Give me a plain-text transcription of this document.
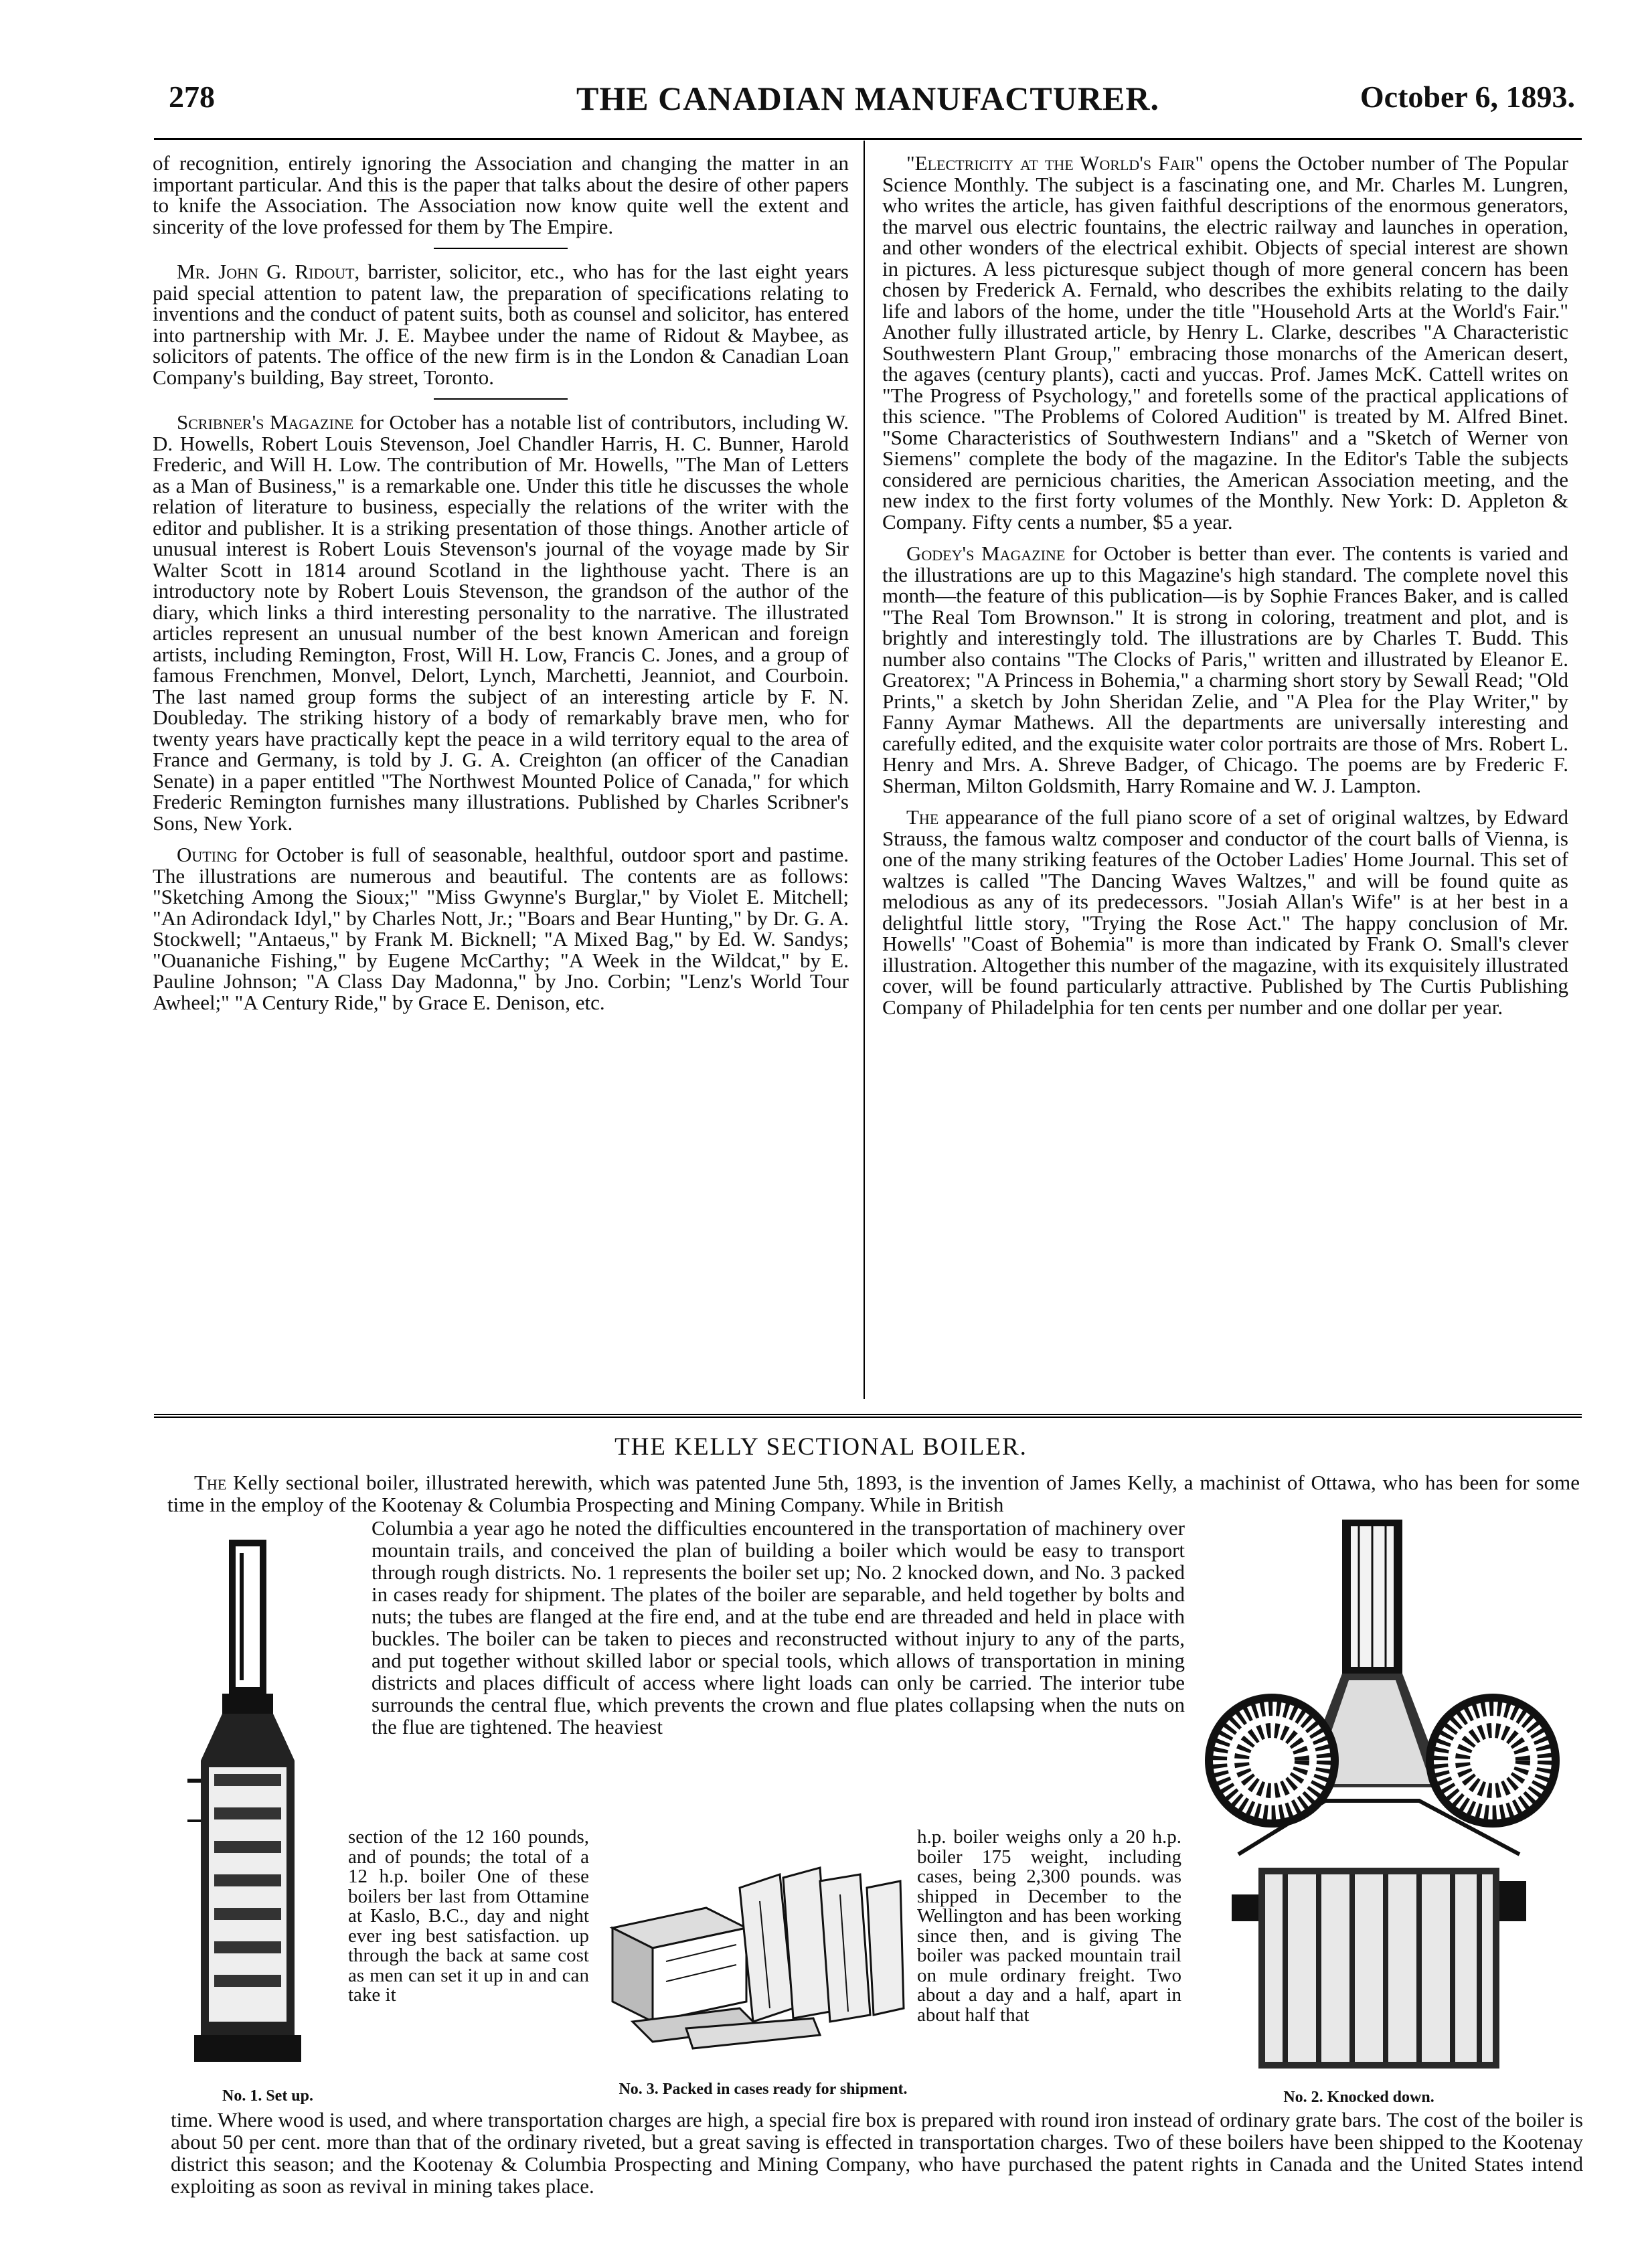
278	THE CANADIAN MANUFACTURER.	October 6, 1893.

of recognition, entirely ignoring the Association and changing the matter in an important particular. And this is the paper that talks about the desire of other papers to knife the Association. The Association now know quite well the extent and sincerity of the love professed for them by The Empire.

Mr. John G. Ridout, barrister, solicitor, etc., who has for the last eight years paid special attention to patent law, the preparation of specifications relating to inventions and the conduct of patent suits, both as counsel and solicitor, has entered into partnership with Mr. J. E. Maybee under the name of Ridout & Maybee, as solicitors of patents. The office of the new firm is in the London & Canadian Loan Company's building, Bay street, Toronto.

Scribner's Magazine for October has a notable list of contributors, including W. D. Howells, Robert Louis Stevenson, Joel Chandler Harris, H. C. Bunner, Harold Frederic, and Will H. Low. The contribution of Mr. Howells, "The Man of Letters as a Man of Business," is a remarkable one. Under this title he discusses the whole relation of literature to business, especially the relations of the writer with the editor and publisher. It is a striking presentation of those things. Another article of unusual interest is Robert Louis Stevenson's journal of the voyage made by Sir Walter Scott in 1814 around Scotland in the lighthouse yacht. There is an introductory note by Robert Louis Stevenson, the grandson of the author of the diary, which links a third interesting personality to the narrative. The illustrated articles represent an unusual number of the best known American and foreign artists, including Remington, Frost, Will H. Low, Francis C. Jones, and a group of famous Frenchmen, Monvel, Delort, Lynch, Marchetti, Jeanniot, and Courboin. The last named group forms the subject of an interesting article by F. N. Doubleday. The striking history of a body of remarkably brave men, who for twenty years have practically kept the peace in a wild territory equal to the area of France and Germany, is told by J. G. A. Creighton (an officer of the Canadian Senate) in a paper entitled "The Northwest Mounted Police of Canada," for which Frederic Remington furnishes many illustrations. Published by Charles Scribner's Sons, New York.

Outing for October is full of seasonable, healthful, outdoor sport and pastime. The illustrations are numerous and beautiful. The contents are as follows: "Sketching Among the Sioux;" "Miss Gwynne's Burglar," by Violet E. Mitchell; "An Adirondack Idyl," by Charles Nott, Jr.; "Boars and Bear Hunting," by Dr. G. A. Stockwell; "Antaeus," by Frank M. Bicknell; "A Mixed Bag," by Ed. W. Sandys; "Ouananiche Fishing," by Eugene McCarthy; "A Week in the Wildcat," by E. Pauline Johnson; "A Class Day Madonna," by Jno. Corbin; "Lenz's World Tour Awheel;" "A Century Ride," by Grace E. Denison, etc.

"Electricity at the World's Fair" opens the October number of The Popular Science Monthly. The subject is a fascinating one, and Mr. Charles M. Lungren, who writes the article, has given faithful descriptions of the enormous generators, the marvel ous electric fountains, the electric railway and launches in operation, and other wonders of the electrical exhibit. Objects of special interest are shown in pictures. A less picturesque subject though of more general concern has been chosen by Frederick A. Fernald, who describes the exhibits relating to the daily life and labors of the home, under the title "Household Arts at the World's Fair." Another fully illustrated article, by Henry L. Clarke, describes "A Characteristic Southwestern Plant Group," embracing those monarchs of the American desert, the agaves (century plants), cacti and yuccas. Prof. James McK. Cattell writes on "The Progress of Psychology," and foretells some of the practical applications of this science. "The Problems of Colored Audition" is treated by M. Alfred Binet. "Some Characteristics of Southwestern Indians" and a "Sketch of Werner von Siemens" complete the body of the magazine. In the Editor's Table the subjects considered are pernicious charities, the American Association meeting, and the new index to the first forty volumes of the Monthly. New York: D. Appleton & Company. Fifty cents a number, $5 a year.

Godey's Magazine for October is better than ever. The contents is varied and the illustrations are up to this Magazine's high standard. The complete novel this month—the feature of this publication—is by Sophie Frances Baker, and is called "The Real Tom Brownson." It is strong in coloring, treatment and plot, and is brightly and interestingly told. The illustrations are by Charles T. Budd. This number also contains "The Clocks of Paris," written and illustrated by Eleanor E. Greatorex; "A Princess in Bohemia," a charming short story by Sewall Read; "Old Prints," a sketch by John Sheridan Zelie, and "A Plea for the Play Writer," by Fanny Aymar Mathews. All the departments are universally interesting and carefully edited, and the exquisite water color portraits are those of Mrs. Robert L. Henry and Mrs. A. Shreve Badger, of Chicago. The poems are by Frederic F. Sherman, Milton Goldsmith, Harry Romaine and W. J. Lampton.

The appearance of the full piano score of a set of original waltzes, by Edward Strauss, the famous waltz composer and conductor of the court balls of Vienna, is one of the many striking features of the October Ladies' Home Journal. This set of waltzes is called "The Dancing Waves Waltzes," and will be found quite as melodious as any of its predecessors. "Josiah Allan's Wife" is at her best in a delightful little story, "Trying the Rose Act." The happy conclusion of Mr. Howells' "Coast of Bohemia" is more than indicated by Frank O. Small's clever illustration. Altogether this number of the magazine, with its exquisitely illustrated cover, will be found particularly attractive. Published by The Curtis Publishing Company of Philadelphia for ten cents per number and one dollar per year.

THE KELLY SECTIONAL BOILER.

The Kelly sectional boiler, illustrated herewith, which was patented June 5th, 1893, is the invention of James Kelly, a machinist of Ottawa, who has been for some time in the employ of the Kootenay & Columbia Prospecting and Mining Company. While in British

Columbia a year ago he noted the difficulties encountered in the transportation of machinery over mountain trails, and conceived the plan of building a boiler which would be easy to transport through rough districts. No. 1 represents the boiler set up; No. 2 knocked down, and No. 3 packed in cases ready for shipment. The plates of the boiler are separable, and held together by bolts and nuts; the tubes are flanged at the fire end, and at the tube end are threaded and held in place with buckles. The boiler can be taken to pieces and reconstructed without injury to any of the parts, and put together without skilled labor or special tools, which allows of transportation in mining districts and places difficult of access where light loads can only be carried. The interior tube surrounds the central flue, which prevents the crown and flue plates collapsing when the nuts on the flue are tightened. The heaviest
section of the 12 160 pounds, and of pounds; the total of a 12 h.p. boiler One of these boilers ber last from Ottamine at Kaslo, B.C., day and night ever ing best satisfaction. up through the back at same cost as men can set it up in and can take it
h.p. boiler weighs only a 20 h.p. boiler 175 weight, including cases, being 2,300 pounds. was shipped in December to the Wellington and has been working since then, and is giving The boiler was packed mountain trail on mule ordinary freight. Two about a day and a half, apart in about half that
time. Where wood is used, and where transportation charges are high, a special fire box is prepared with round iron instead of ordinary grate bars. The cost of the boiler is about 50 per cent. more than that of the ordinary riveted, but a great saving is effected in transportation charges. Two of these boilers have been shipped to the Kootenay district this season; and the Kootenay & Columbia Prospecting and Mining Company, who have purchased the patent rights in Canada and the United States intend exploiting as soon as revival in mining takes place.
No. 1. Set up.	No. 3. Packed in cases ready for shipment.	No. 2. Knocked down.
